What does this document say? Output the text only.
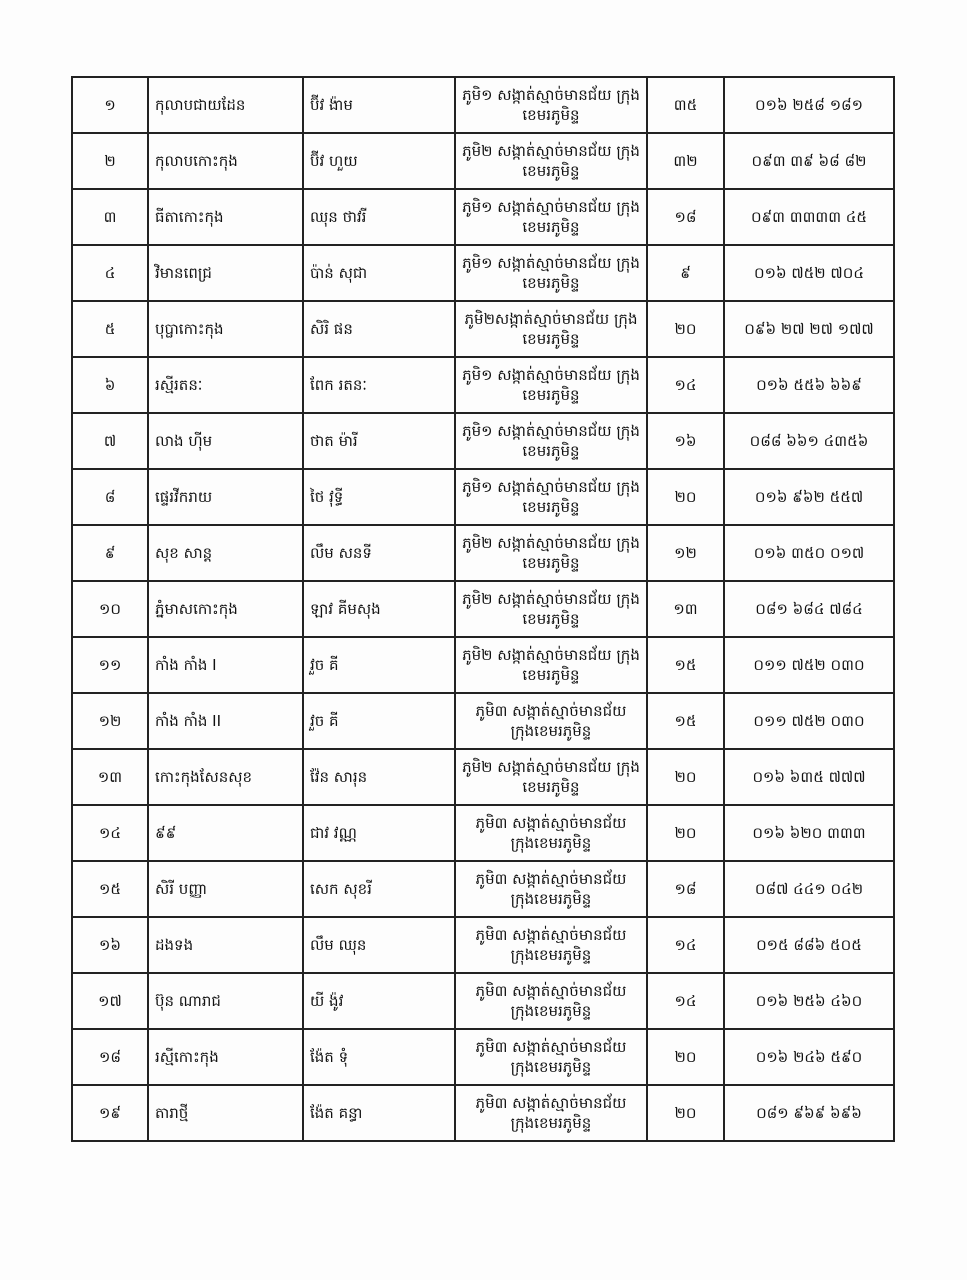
១	កុលាបជាយដែន	ប៊ីវ ង៉ាម	ភូមិ១ សង្កាត់ស្មាច់មានជ័យ ក្រុងខេមរភូមិន្ទ	៣៥	០១៦ ២៥៨ ១៨១
២	កុលាបកោះកុង	ប៊ីវ ហួយ	ភូមិ២ សង្កាត់ស្មាច់មានជ័យ ក្រុងខេមរភូមិន្ទ	៣២	០៩៣ ៣៩ ៦៨ ៨២
៣	ធីតាកោះកុង	ឈុន ថាវរី	ភូមិ១ សង្កាត់ស្មាច់មានជ័យ ក្រុងខេមរភូមិន្ទ	១៨	០៩៣ ៣៣៣៣ ៤៥
៤	វិមានពេជ្រ	ប៉ាន់ សុជា	ភូមិ១ សង្កាត់ស្មាច់មានជ័យ ក្រុងខេមរភូមិន្ទ	៩	០១៦ ៧៥២ ៧០៤
៥	បុប្ផាកោះកុង	សិរិ ផន	ភូមិ២សង្កាត់ស្មាច់មានជ័យ ក្រុងខេមរភូមិន្ទ	២០	០៩៦ ២៧ ២៧ ១៧៧
៦	រស្មីរតនៈ	ពែក រតនៈ	ភូមិ១ សង្កាត់ស្មាច់មានជ័យ ក្រុងខេមរភូមិន្ទ	១៤	០១៦ ៥៥៦ ៦៦៩
៧	លាង ហ៊ីម	ថាត ម៉ារី	ភូមិ១ សង្កាត់ស្មាច់មានជ័យ ក្រុងខេមរភូមិន្ទ	១៦	០៨៨ ៦៦១ ៤៣៥៦
៨	ផ្ទេរវីករាយ	ថៃ វុទ្ធី	ភូមិ១ សង្កាត់ស្មាច់មានជ័យ ក្រុងខេមរភូមិន្ទ	២០	០១៦ ៩៦២ ៥៥៧
៩	សុខ សាន្ត	លឹម សនទី	ភូមិ២ សង្កាត់ស្មាច់មានជ័យ ក្រុងខេមរភូមិន្ទ	១២	០១៦ ៣៥០ ០១៧
១០	ភ្នំមាសកោះកុង	ឡាវ គីមសុង	ភូមិ២ សង្កាត់ស្មាច់មានជ័យ ក្រុងខេមរភូមិន្ទ	១៣	០៨១ ៦៨៤ ៧៨៤
១១	កាំង កាំង I	វួច គី	ភូមិ២ សង្កាត់ស្មាច់មានជ័យ ក្រុងខេមរភូមិន្ទ	១៥	០១១ ៧៥២ ០៣០
១២	កាំង កាំង II	វួច គី	ភូមិ៣ សង្កាត់ស្មាច់មានជ័យ ក្រុងខេមរភូមិន្ទ	១៥	០១១ ៧៥២ ០៣០
១៣	កោះកុងសែនសុខ	វ៉ែន សារុន	ភូមិ២ សង្កាត់ស្មាច់មានជ័យ ក្រុងខេមរភូមិន្ទ	២០	០១៦ ៦៣៥ ៧៧៧
១៤	៩៩	ជាវ វណ្ណ	ភូមិ៣ សង្កាត់ស្មាច់មានជ័យ ក្រុងខេមរភូមិន្ទ	២០	០១៦ ៦២០ ៣៣៣
១៥	សិរី បញ្ញា	សេក សុខរី	ភូមិ៣ សង្កាត់ស្មាច់មានជ័យ ក្រុងខេមរភូមិន្ទ	១៨	០៨៧ ៤៤១ ០៤២
១៦	ដងទង	លឹម ឈុន	ភូមិ៣ សង្កាត់ស្មាច់មានជ័យ ក្រុងខេមរភូមិន្ទ	១៤	០១៥ ៨៨៦ ៥០៥
១៧	ប៊ុន ណារាជ	យី ង៉ូវ	ភូមិ៣ សង្កាត់ស្មាច់មានជ័យ ក្រុងខេមរភូមិន្ទ	១៤	០១៦ ២៥៦ ៤៦០
១៨	រស្មីកោះកុង	ង៉ែត ទុំ	ភូមិ៣ សង្កាត់ស្មាច់មានជ័យ ក្រុងខេមរភូមិន្ទ	២០	០១៦ ២៤៦ ៥៩០
១៩	តារាថ្មី	ង៉ែត គន្ធា	ភូមិ៣ សង្កាត់ស្មាច់មានជ័យ ក្រុងខេមរភូមិន្ទ	២០	០៨១ ៩៦៩ ៦៩៦
